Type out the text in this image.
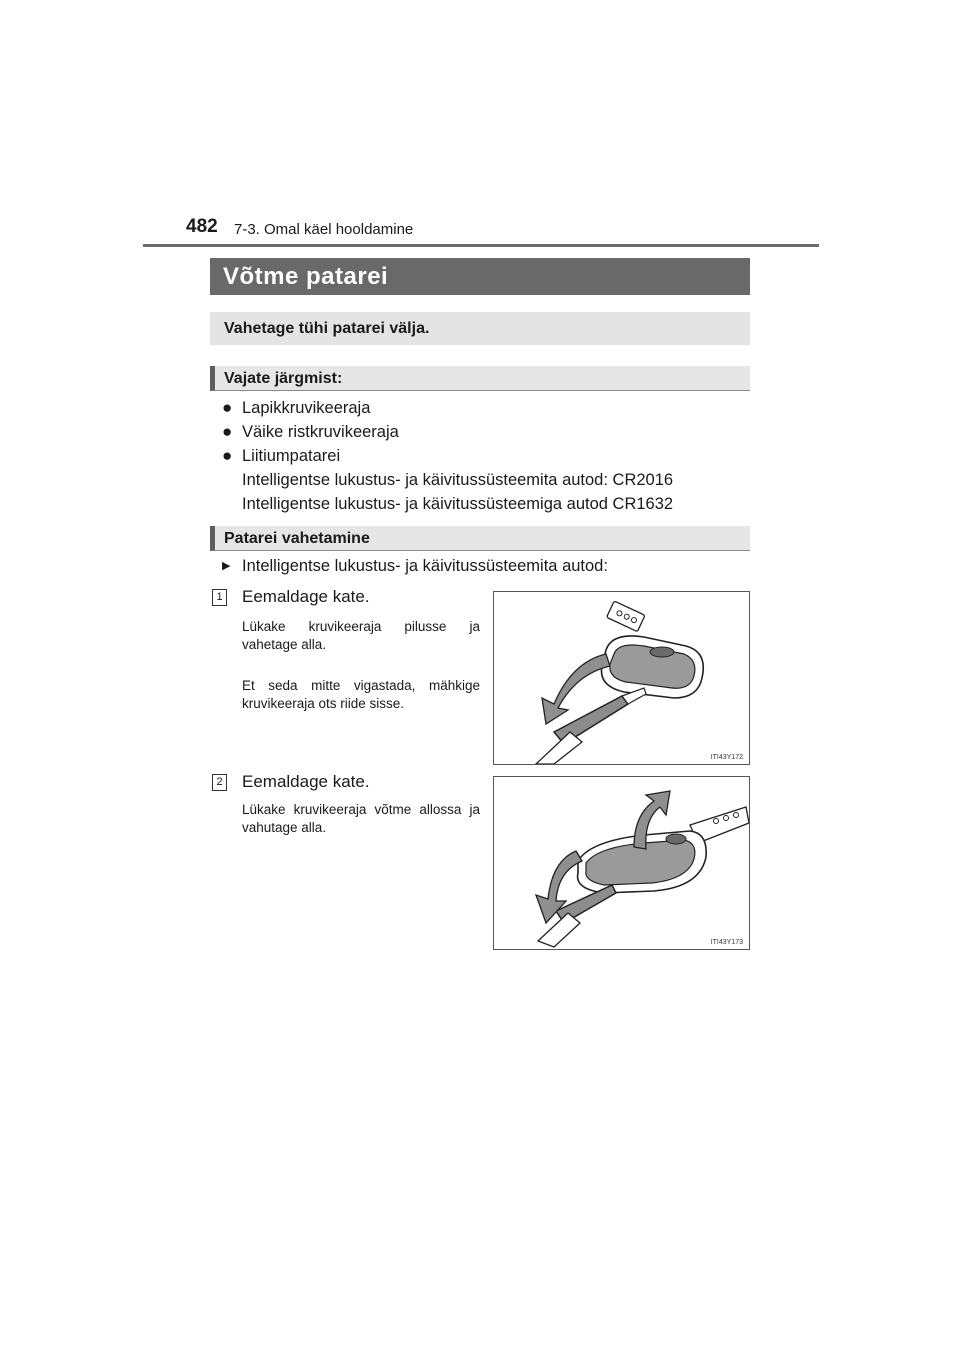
482 7-3. Omal käel hooldamine
Võtme patarei
Vahetage tühi patarei välja.
Vajate järgmist:
● Lapikkruvikeeraja
● Väike ristkruvikeeraja
● Liitiumpatarei
Intelligentse lukustus- ja käivitussüsteemita autod: CR2016
Intelligentse lukustus- ja käivitussüsteemiga autod CR1632
Patarei vahetamine
▶ Intelligentse lukustus- ja käivitussüsteemita autod:
1 Eemaldage kate.
Lükake kruvikeeraja pilusse ja vahetage alla.
Et seda mitte vigastada, mähkige kruvikeeraja ots riide sisse.
ITI43Y172
2 Eemaldage kate.
Lükake kruvikeeraja võtme allossa ja vahutage alla.
ITI43Y173
